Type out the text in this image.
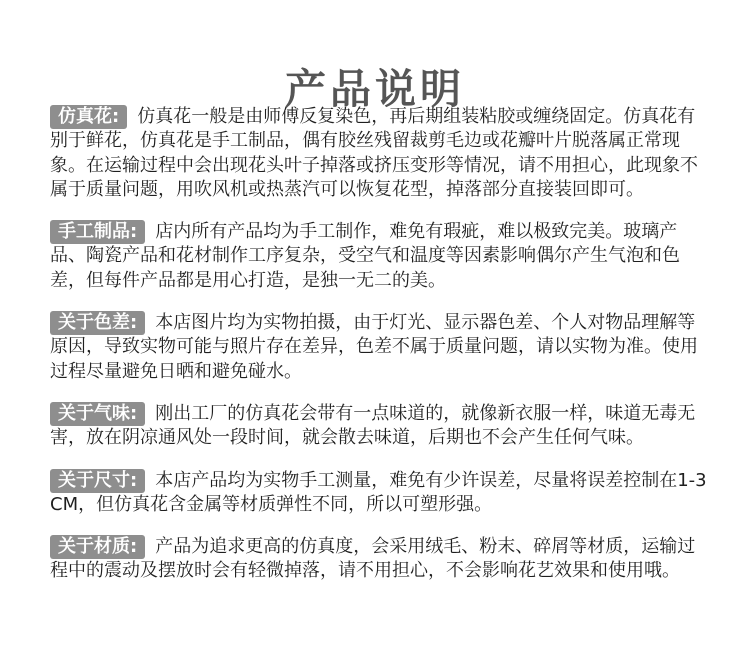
产品说明

仿真花: 仿真花一般是由师傅反复染色，再后期组装粘胶或缠绕固定。仿真花有别于鲜花，仿真花是手工制品，偶有胶丝残留裁剪毛边或花瓣叶片脱落属正常现象。在运输过程中会出现花头叶子掉落或挤压变形等情况，请不用担心，此现象不属于质量问题，用吹风机或热蒸汽可以恢复花型，掉落部分直接装回即可。

手工制品: 店内所有产品均为手工制作，难免有瑕疵，难以极致完美。玻璃产品、陶瓷产品和花材制作工序复杂，受空气和温度等因素影响偶尔产生气泡和色差，但每件产品都是用心打造，是独一无二的美。

关于色差: 本店图片均为实物拍摄，由于灯光、显示器色差、个人对物品理解等原因，导致实物可能与照片存在差异，色差不属于质量问题，请以实物为准。使用过程尽量避免日晒和避免碰水。

关于气味: 刚出工厂的仿真花会带有一点味道的，就像新衣服一样，味道无毒无害，放在阴凉通风处一段时间，就会散去味道，后期也不会产生任何气味。

关于尺寸: 本店产品均为实物手工测量，难免有少许误差，尽量将误差控制在1-3CM，但仿真花含金属等材质弹性不同，所以可塑形强。

关于材质: 产品为追求更高的仿真度，会采用绒毛、粉末、碎屑等材质，运输过程中的震动及摆放时会有轻微掉落，请不用担心，不会影响花艺效果和使用哦。
